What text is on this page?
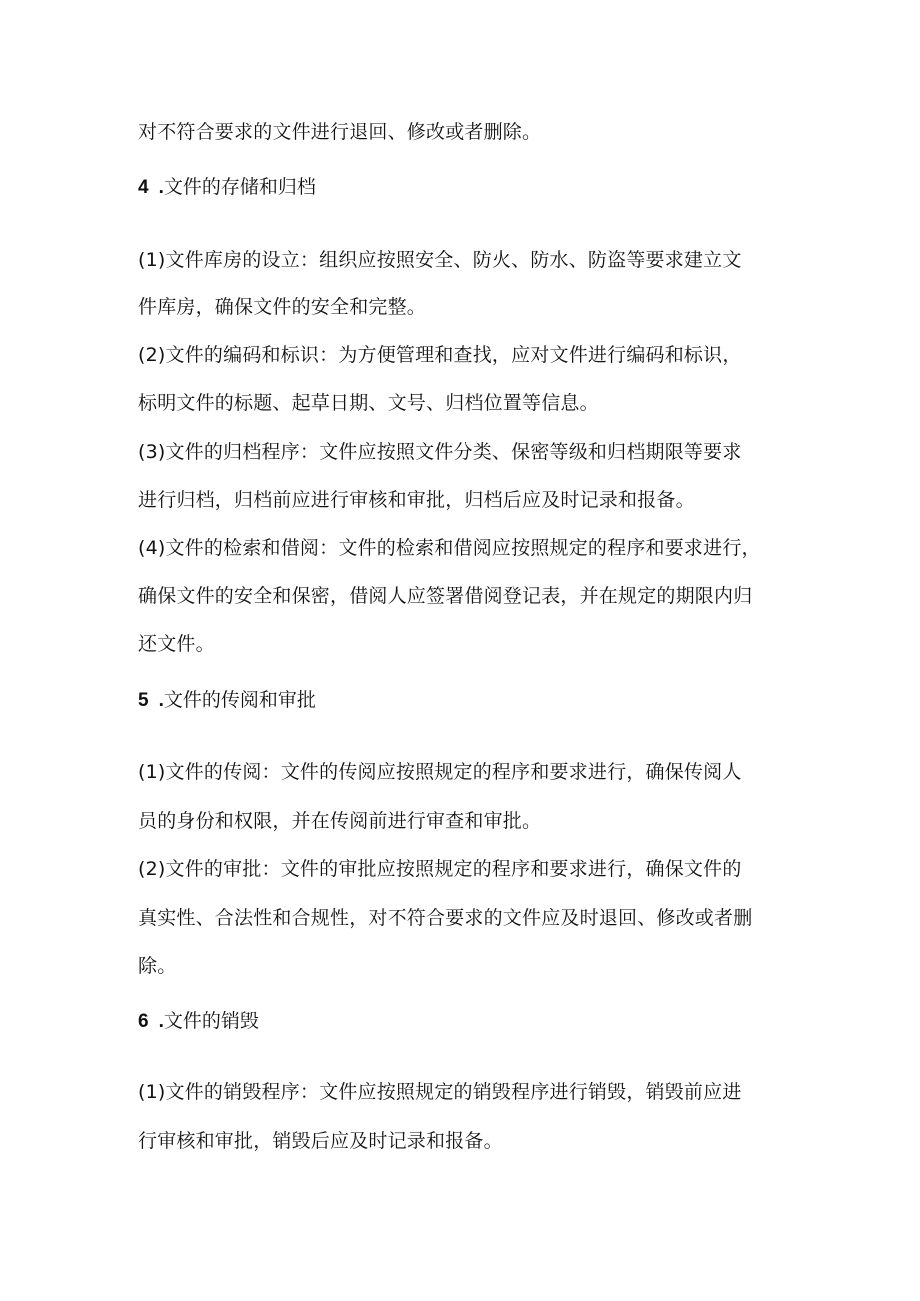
对不符合要求的文件进行退回、修改或者删除。
4 .文件的存储和归档
(1)文件库房的设立：组织应按照安全、防火、防水、防盗等要求建立文
件库房，确保文件的安全和完整。
(2)文件的编码和标识：为方便管理和查找，应对文件进行编码和标识，
标明文件的标题、起草日期、文号、归档位置等信息。
(3)文件的归档程序：文件应按照文件分类、保密等级和归档期限等要求
进行归档，归档前应进行审核和审批，归档后应及时记录和报备。
(4)文件的检索和借阅：文件的检索和借阅应按照规定的程序和要求进行，
确保文件的安全和保密，借阅人应签署借阅登记表，并在规定的期限内归
还文件。
5 .文件的传阅和审批
(1)文件的传阅：文件的传阅应按照规定的程序和要求进行，确保传阅人
员的身份和权限，并在传阅前进行审查和审批。
(2)文件的审批：文件的审批应按照规定的程序和要求进行，确保文件的
真实性、合法性和合规性，对不符合要求的文件应及时退回、修改或者删
除。
6 .文件的销毁
(1)文件的销毁程序：文件应按照规定的销毁程序进行销毁，销毁前应进
行审核和审批，销毁后应及时记录和报备。
